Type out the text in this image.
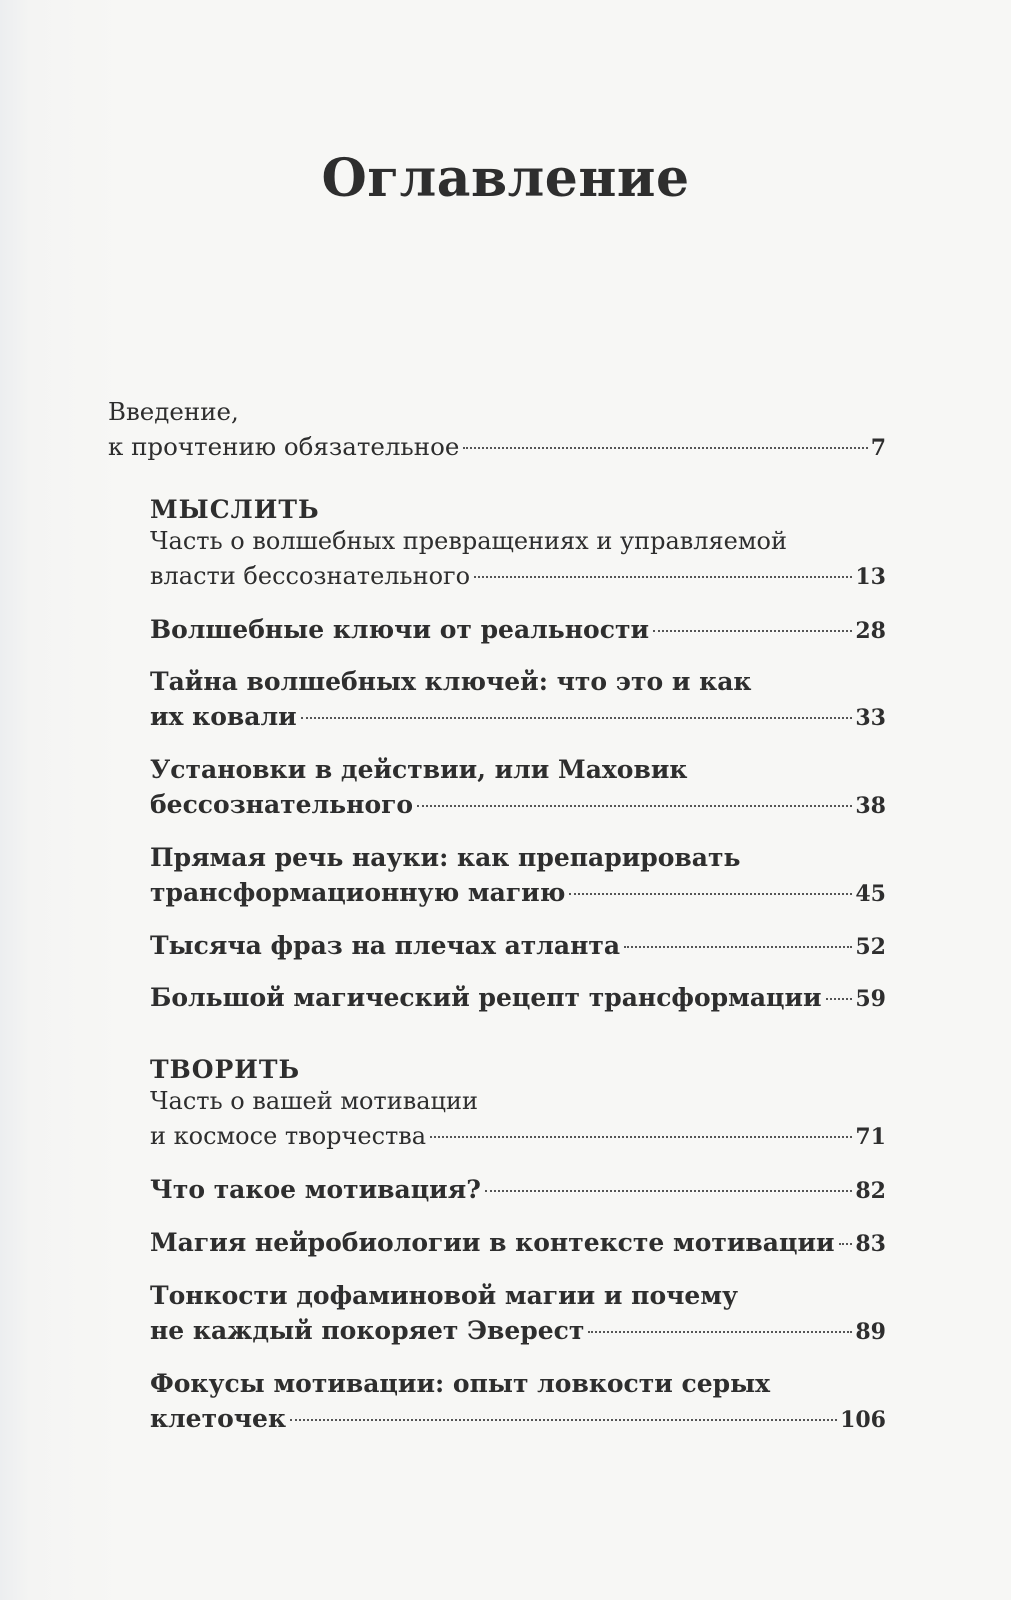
Оглавление
Введение,
к прочтению обязательное	7
МЫСЛИТЬ
Часть о волшебных превращениях и управляемой
власти бессознательного	13
Волшебные ключи от реальности	28
Тайна волшебных ключей: что это и как
их ковали	33
Установки в действии, или Маховик
бессознательного	38
Прямая речь науки: как препарировать
трансформационную магию	45
Тысяча фраз на плечах атланта	52
Большой магический рецепт трансформации 59
ТВОРИТЬ
Часть о вашей мотивации
и космосе творчества	71
Что такое мотивация?	82
Магия нейробиологии в контексте мотивации 83
Тонкости дофаминовой магии и почему
не каждый покоряет Эверест	89
Фокусы мотивации: опыт ловкости серых
клеточек	106
